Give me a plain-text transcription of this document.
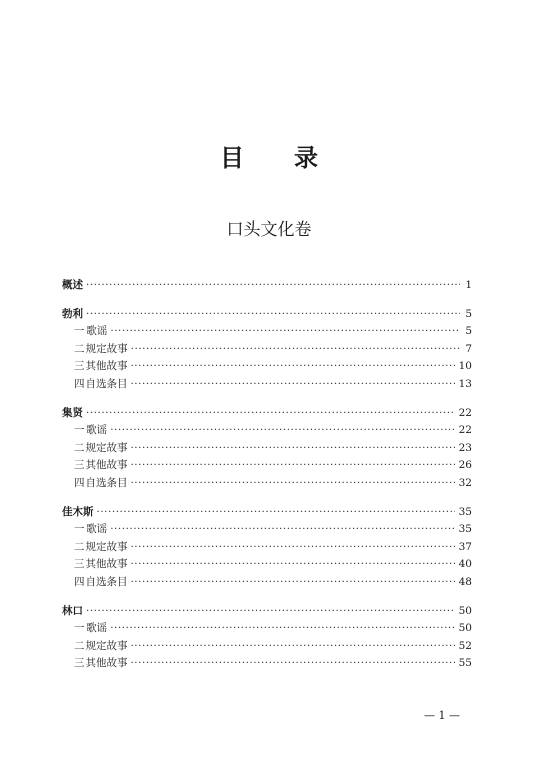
目录
口头文化卷
概述 ·····	1
勃利 ·····	5
一 歌谣 ·····	5
二 规定故事 ·····	7
三 其他故事 ·····	10
四 自选条目 ·····	13
集贤 ·····	22
一 歌谣 ·····	22
二 规定故事 ·····	23
三 其他故事 ·····	26
四 自选条目 ·····	32
佳木斯 ·····	35
一 歌谣 ·····	35
二 规定故事 ·····	37
三 其他故事 ·····	40
四 自选条目 ·····	48
林口 ·····	50
一 歌谣 ·····	50
二 规定故事 ·····	52
三 其他故事 ·····	55
— 1 —
